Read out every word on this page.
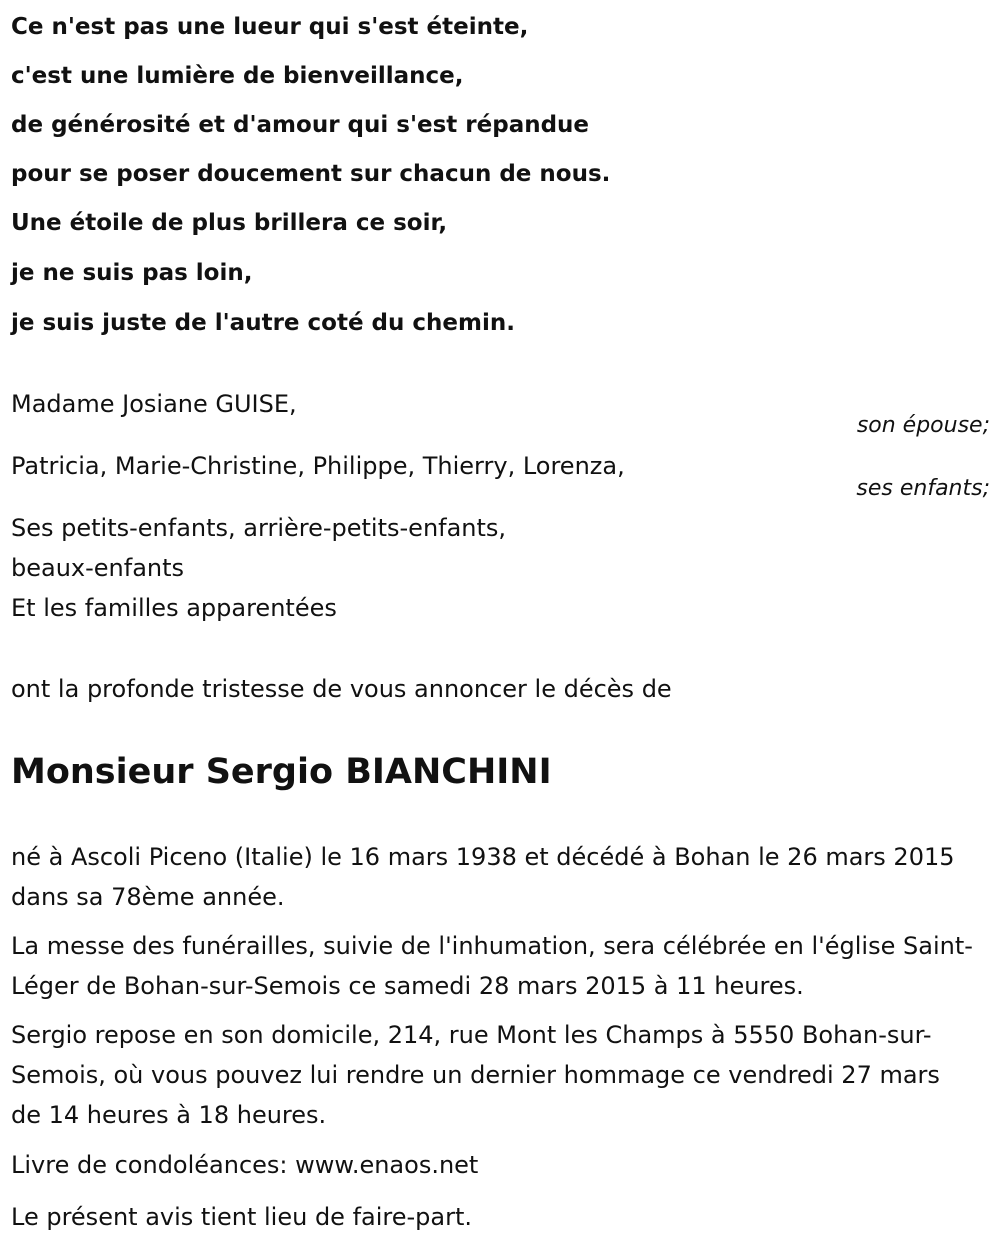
Ce n'est pas une lueur qui s'est éteinte,
c'est une lumière de bienveillance,
de générosité et d'amour qui s'est répandue
pour se poser doucement sur chacun de nous.
Une étoile de plus brillera ce soir,
je ne suis pas loin,
je suis juste de l'autre coté du chemin.
Madame Josiane GUISE,
son épouse;
Patricia, Marie-Christine, Philippe, Thierry, Lorenza,
ses enfants;
Ses petits-enfants, arrière-petits-enfants,
beaux-enfants
Et les familles apparentées
ont la profonde tristesse de vous annoncer le décès de
Monsieur Sergio BIANCHINI
né à Ascoli Piceno (Italie) le 16 mars 1938 et décédé à Bohan le 26 mars 2015 dans sa 78ème année.
La messe des funérailles, suivie de l'inhumation, sera célébrée en l'église Saint-Léger de Bohan-sur-Semois ce samedi 28 mars 2015 à 11 heures.
Sergio repose en son domicile, 214, rue Mont les Champs à 5550 Bohan-sur-Semois, où vous pouvez lui rendre un dernier hommage ce vendredi 27 mars de 14 heures à 18 heures.
Livre de condoléances: www.enaos.net
Le présent avis tient lieu de faire-part.
